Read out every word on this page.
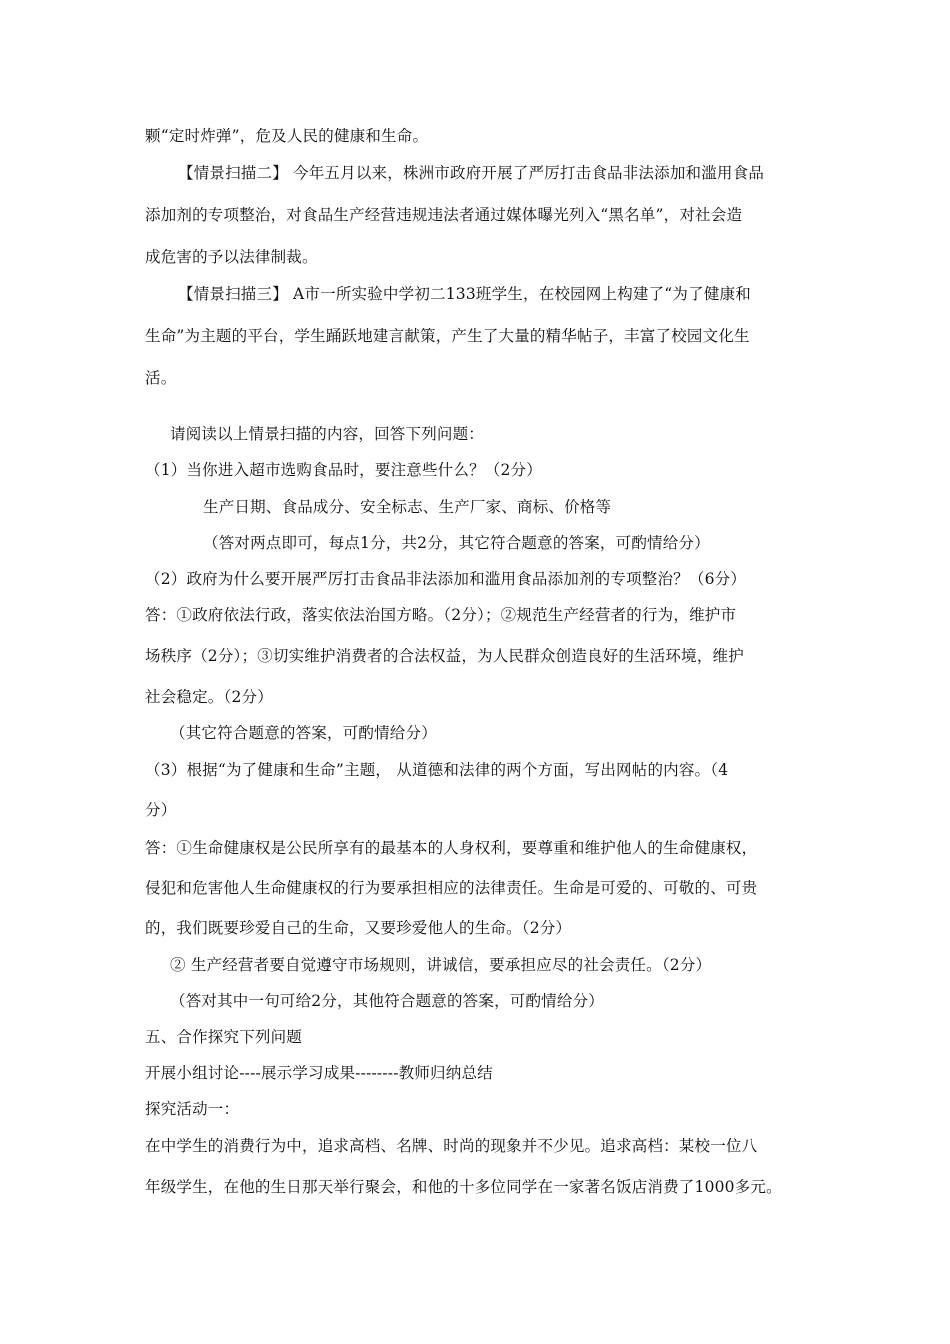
颗“定时炸弹”，危及人民的健康和生命。
【情景扫描二】 今年五月以来，株洲市政府开展了严厉打击食品非法添加和滥用食品
添加剂的专项整治，对食品生产经营违规违法者通过媒体曝光列入“黑名单”，对社会造
成危害的予以法律制裁。
【情景扫描三】 A市一所实验中学初二133班学生，在校园网上构建了“为了健康和
生命”为主题的平台，学生踊跃地建言献策，产生了大量的精华帖子，丰富了校园文化生
活。
请阅读以上情景扫描的内容，回答下列问题：
（1）当你进入超市选购食品时，要注意些什么？（2分）
生产日期、食品成分、安全标志、生产厂家、商标、价格等
（答对两点即可，每点1分，共2分，其它符合题意的答案，可酌情给分）
（2）政府为什么要开展严厉打击食品非法添加和滥用食品添加剂的专项整治？（6分）
答：①政府依法行政，落实依法治国方略。（2分）；②规范生产经营者的行为，维护市
场秩序（2分）；③切实维护消费者的合法权益，为人民群众创造良好的生活环境，维护
社会稳定。（2分）
（其它符合题意的答案，可酌情给分）
（3）根据“为了健康和生命”主题， 从道德和法律的两个方面，写出网帖的内容。（4
分）
答：①生命健康权是公民所享有的最基本的人身权利，要尊重和维护他人的生命健康权，
侵犯和危害他人生命健康权的行为要承担相应的法律责任。生命是可爱的、可敬的、可贵
的，我们既要珍爱自己的生命，又要珍爱他人的生命。（2分）
② 生产经营者要自觉遵守市场规则，讲诚信，要承担应尽的社会责任。（2分）
（答对其中一句可给2分，其他符合题意的答案，可酌情给分）
五、合作探究下列问题
开展小组讨论----展示学习成果--------教师归纳总结
探究活动一：
在中学生的消费行为中，追求高档、名牌、时尚的现象并不少见。追求高档：某校一位八
年级学生，在他的生日那天举行聚会，和他的十多位同学在一家著名饭店消费了1000多元。
